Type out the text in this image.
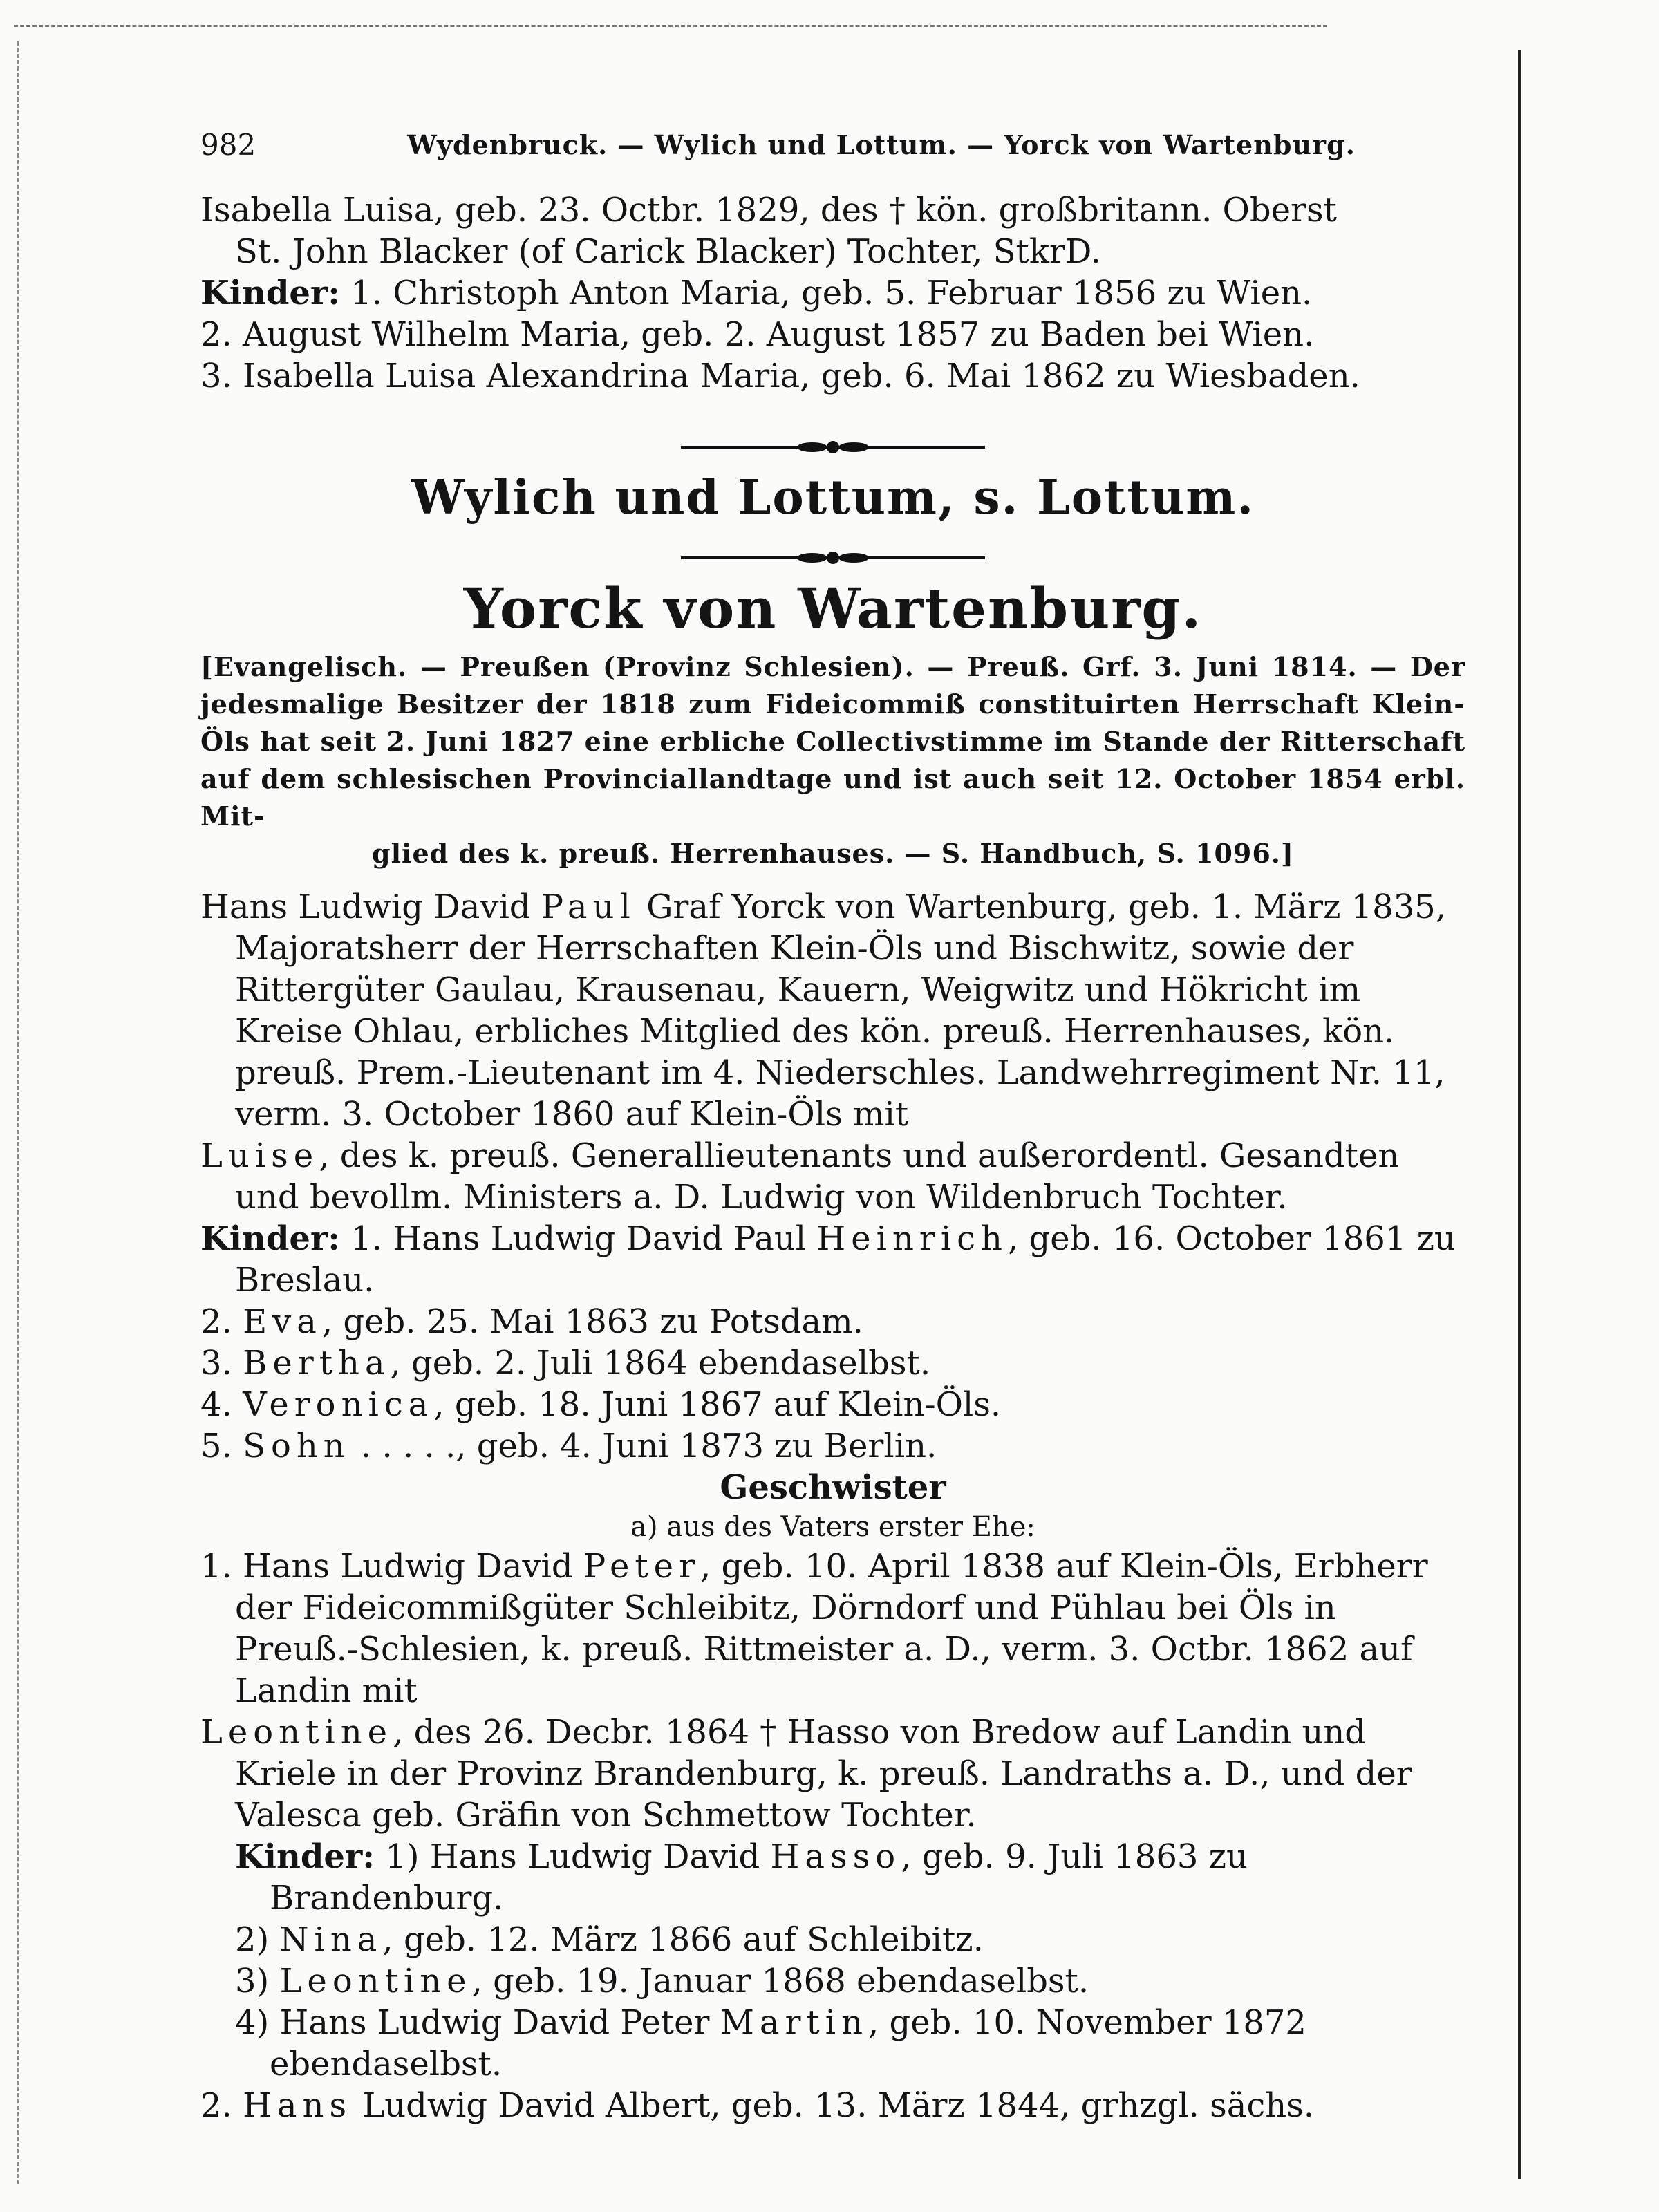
982	Wydenbruck. — Wylich und Lottum. — Yorck von Wartenburg.

Isabella Luisa, geb. 23. Octbr. 1829, des † kön. großbritann. Oberst

St. John Blacker (of Carick Blacker) Tochter, StkrD.

Kinder: 1. Christoph Anton Maria, geb. 5. Februar 1856 zu Wien.

2. August Wilhelm Maria, geb. 2. August 1857 zu Baden bei Wien.

3. Isabella Luisa Alexandrina Maria, geb. 6. Mai 1862 zu Wiesbaden.

Wylich und Lottum, s. Lottum.
Yorck von Wartenburg.
[Evangelisch. — Preußen (Provinz Schlesien). — Preuß. Grf. 3. Juni 1814. — Der jedesmalige Besitzer der 1818 zum Fideicommiß constituirten Herrschaft Klein-Öls hat seit 2. Juni 1827 eine erbliche Collectivstimme im Stande der Ritterschaft auf dem schlesischen Provinciallandtage und ist auch seit 12. October 1854 erbl. Mit-
glied des k. preuß. Herrenhauses. — S. Handbuch, S. 1096.]

Hans Ludwig David Paul Graf Yorck von Wartenburg, geb. 1. März 1835, Majoratsherr der Herrschaften Klein-Öls und Bischwitz, sowie der Rittergüter Gaulau, Krausenau, Kauern, Weigwitz und Hökricht im Kreise Ohlau, erbliches Mitglied des kön. preuß. Herrenhauses, kön. preuß. Prem.-Lieutenant im 4. Niederschles. Landwehrregiment Nr. 11, verm. 3. October 1860 auf Klein-Öls mit

Luise, des k. preuß. Generallieutenants und außerordentl. Gesandten und bevollm. Ministers a. D. Ludwig von Wildenbruch Tochter.

Kinder: 1. Hans Ludwig David Paul Heinrich, geb. 16. October 1861 zu Breslau.

2. Eva, geb. 25. Mai 1863 zu Potsdam.

3. Bertha, geb. 2. Juli 1864 ebendaselbst.

4. Veronica, geb. 18. Juni 1867 auf Klein-Öls.

5. Sohn . . . . ., geb. 4. Juni 1873 zu Berlin.

Geschwister
a) aus des Vaters erster Ehe:

1. Hans Ludwig David Peter, geb. 10. April 1838 auf Klein-Öls, Erbherr der Fideicommißgüter Schleibitz, Dörndorf und Pühlau bei Öls in Preuß.-Schlesien, k. preuß. Rittmeister a. D., verm. 3. Octbr. 1862 auf Landin mit

Leontine, des 26. Decbr. 1864 † Hasso von Bredow auf Landin und Kriele in der Provinz Brandenburg, k. preuß. Landraths a. D., und der Valesca geb. Gräfin von Schmettow Tochter.

Kinder: 1) Hans Ludwig David Hasso, geb. 9. Juli 1863 zu Brandenburg.

2) Nina, geb. 12. März 1866 auf Schleibitz.

3) Leontine, geb. 19. Januar 1868 ebendaselbst.

4) Hans Ludwig David Peter Martin, geb. 10. November 1872 ebendaselbst.

2. Hans Ludwig David Albert, geb. 13. März 1844, grhzgl. sächs.
